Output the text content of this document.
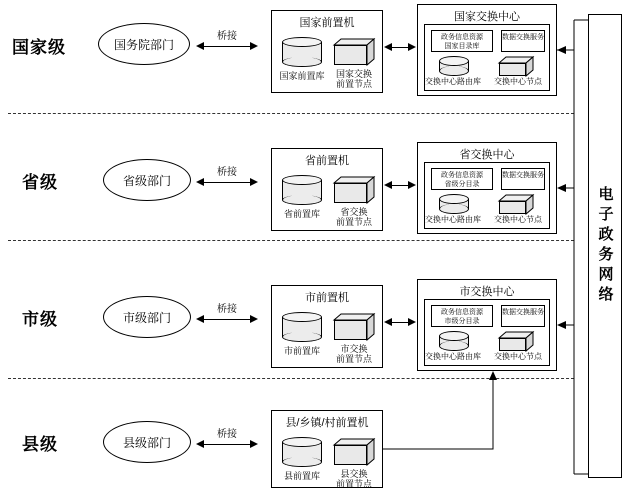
国家级	国务院部门
桥接
国家前置机
国家前置库	国家交换
前置节点
国家交换中心
政务信息资源
国家目录库
数据交换服务
交换中心路由库	交换中心节点
省级	省级部门
桥接
省前置机
省前置库	省交换
前置节点
省交换中心
政务信息资源
省级分目录
数据交换服务
交换中心路由库	交换中心节点
市级	市级部门
桥接
市前置机
市前置库	市交换
前置节点
市交换中心
政务信息资源
市级分目录
数据交换服务
交换中心路由库	交换中心节点
县级	县级部门
桥接
县/乡镇/村前置机
县前置库	县交换
前置节点
电子政务网络
